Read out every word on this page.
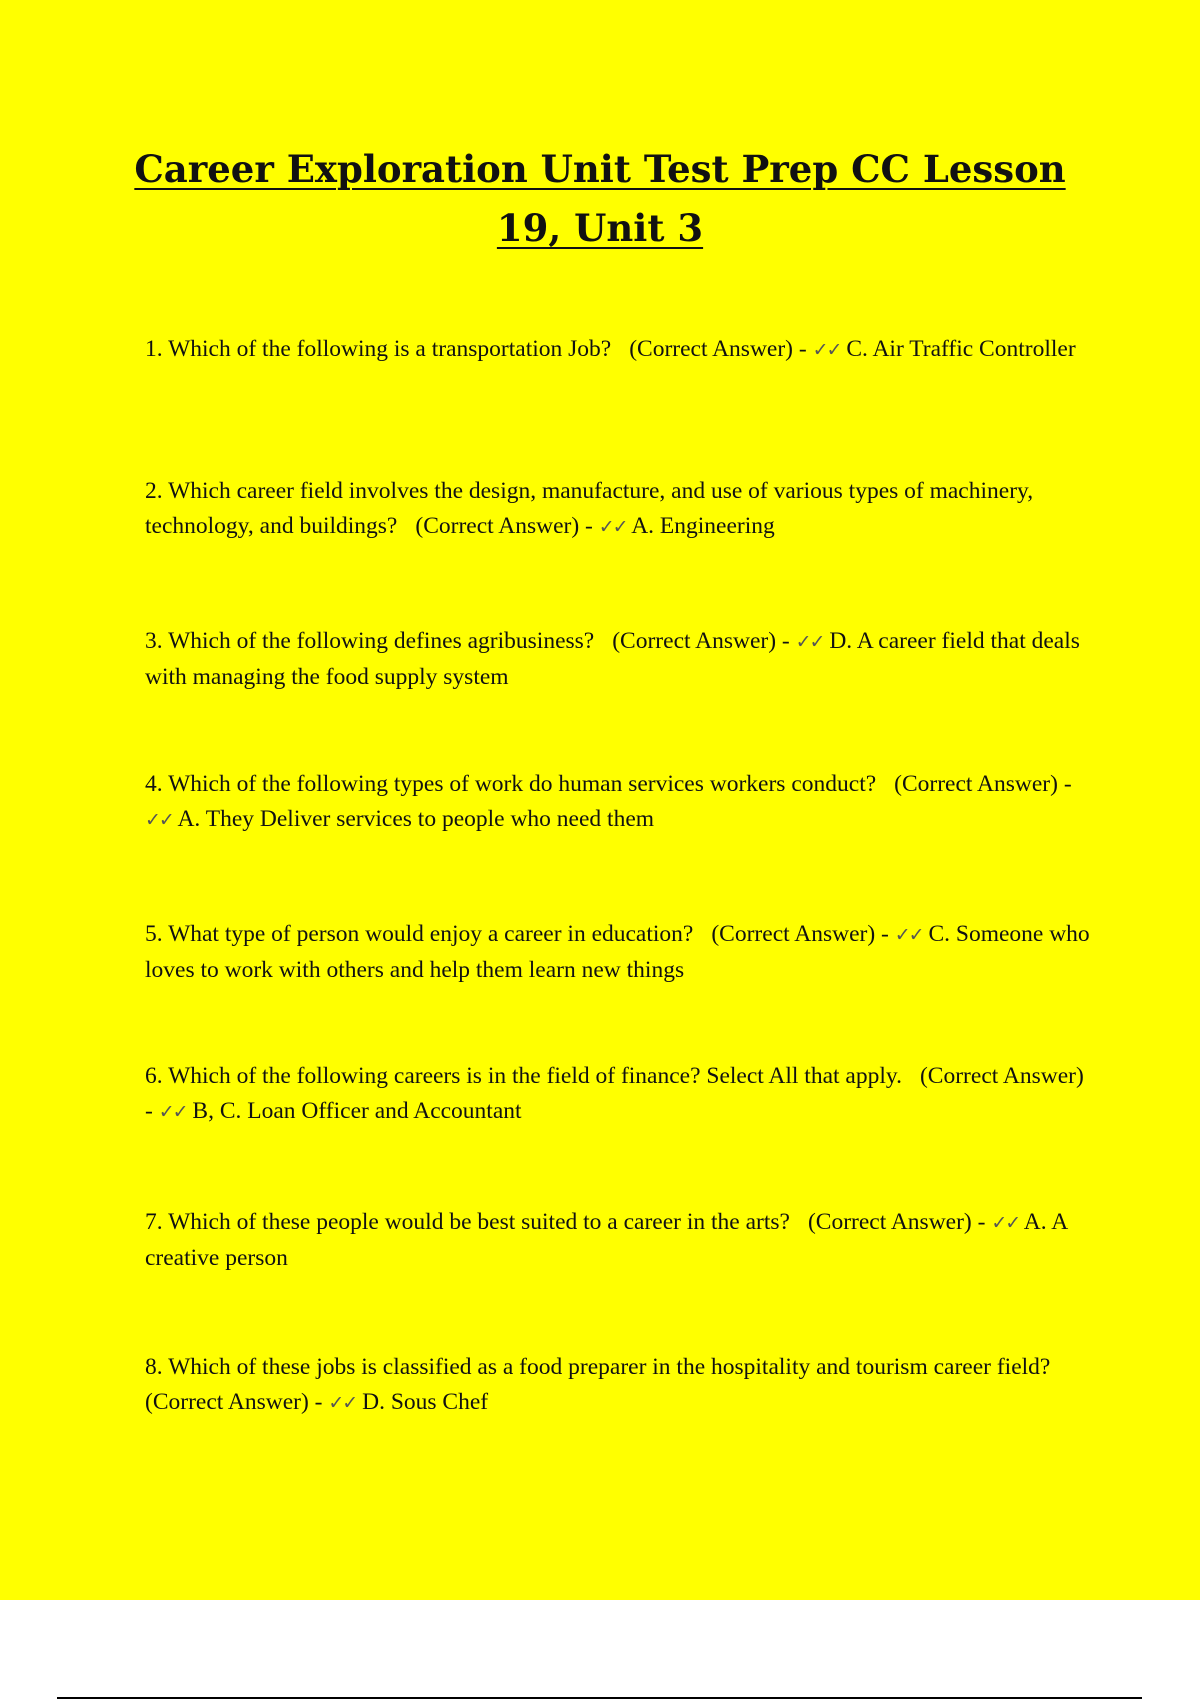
Career Exploration Unit Test Prep CC Lesson 19, Unit 3

1. Which of the following is a transportation Job? (Correct Answer) - ✓✓ C. Air Traffic Controller

2. Which career field involves the design, manufacture, and use of various types of machinery, technology, and buildings? (Correct Answer) - ✓✓ A. Engineering

3. Which of the following defines agribusiness? (Correct Answer) - ✓✓ D. A career field that deals with managing the food supply system

4. Which of the following types of work do human services workers conduct? (Correct Answer) - ✓✓ A. They Deliver services to people who need them

5. What type of person would enjoy a career in education? (Correct Answer) - ✓✓ C. Someone who loves to work with others and help them learn new things

6. Which of the following careers is in the field of finance? Select All that apply. (Correct Answer) - ✓✓ B, C. Loan Officer and Accountant

7. Which of these people would be best suited to a career in the arts? (Correct Answer) - ✓✓ A. A creative person

8. Which of these jobs is classified as a food preparer in the hospitality and tourism career field?(Correct Answer) - ✓✓ D. Sous Chef
